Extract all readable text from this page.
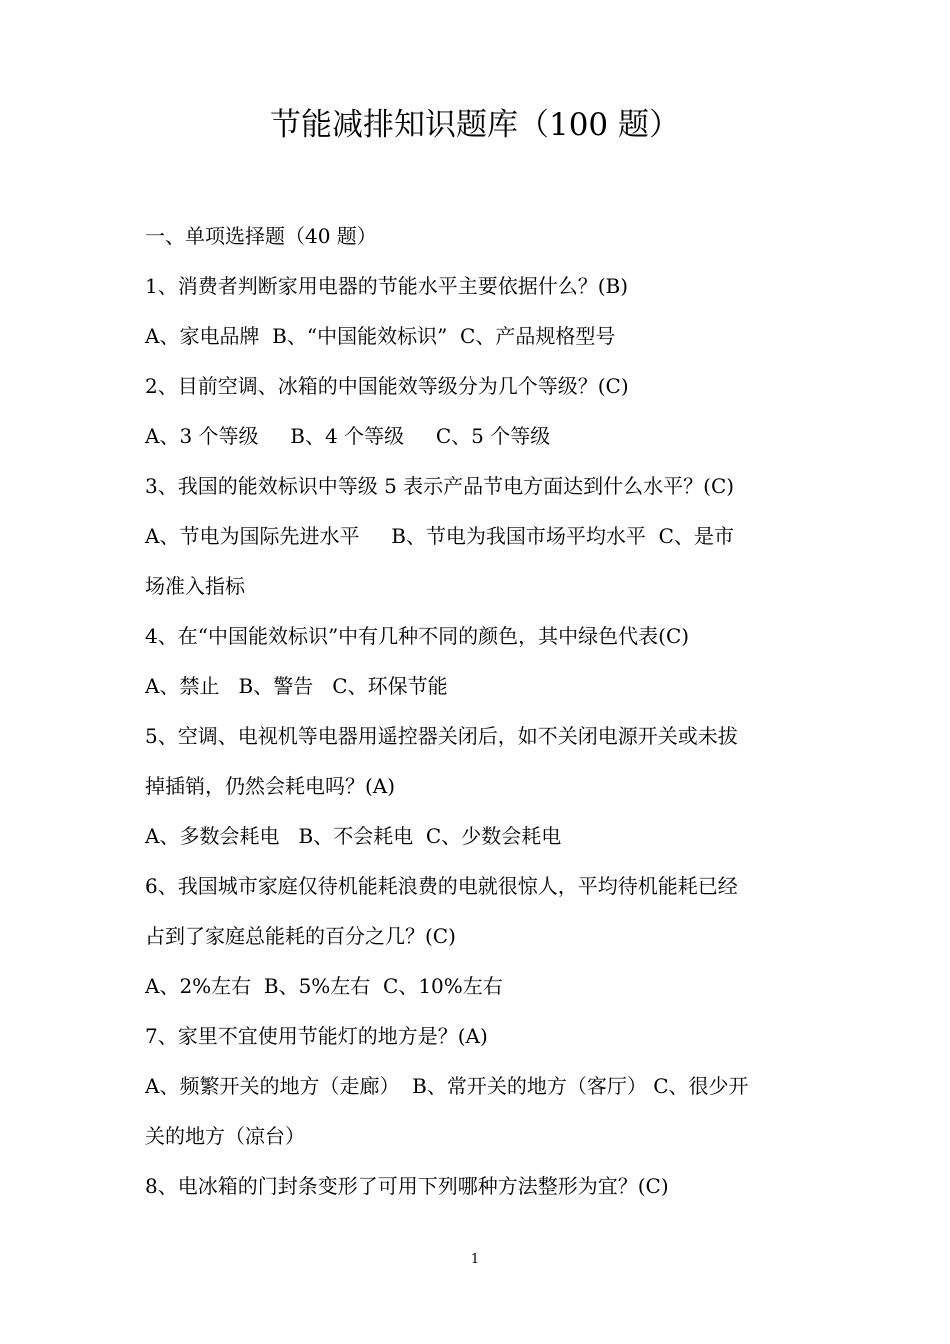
节能减排知识题库（100 题）
一、单项选择题（40 题）
1、消费者判断家用电器的节能水平主要依据什么？(B)
A、家电品牌  B、“中国能效标识”  C、产品规格型号
2、目前空调、冰箱的中国能效等级分为几个等级？(C)
A、3 个等级     B、4 个等级     C、5 个等级
3、我国的能效标识中等级 5 表示产品节电方面达到什么水平？(C)
A、节电为国际先进水平     B、节电为我国市场平均水平  C、是市
场准入指标
4、在“中国能效标识”中有几种不同的颜色，其中绿色代表(C)
A、禁止   B、警告   C、环保节能
5、空调、电视机等电器用遥控器关闭后，如不关闭电源开关或未拔
掉插销，仍然会耗电吗？(A)
A、多数会耗电   B、不会耗电  C、少数会耗电
6、我国城市家庭仅待机能耗浪费的电就很惊人，平均待机能耗已经
占到了家庭总能耗的百分之几？(C)
A、2%左右  B、5%左右  C、10%左右
7、家里不宜使用节能灯的地方是？(A)
A、频繁开关的地方（走廊）  B、常开关的地方（客厅） C、很少开
关的地方（凉台）
8、电冰箱的门封条变形了可用下列哪种方法整形为宜？(C)
1
